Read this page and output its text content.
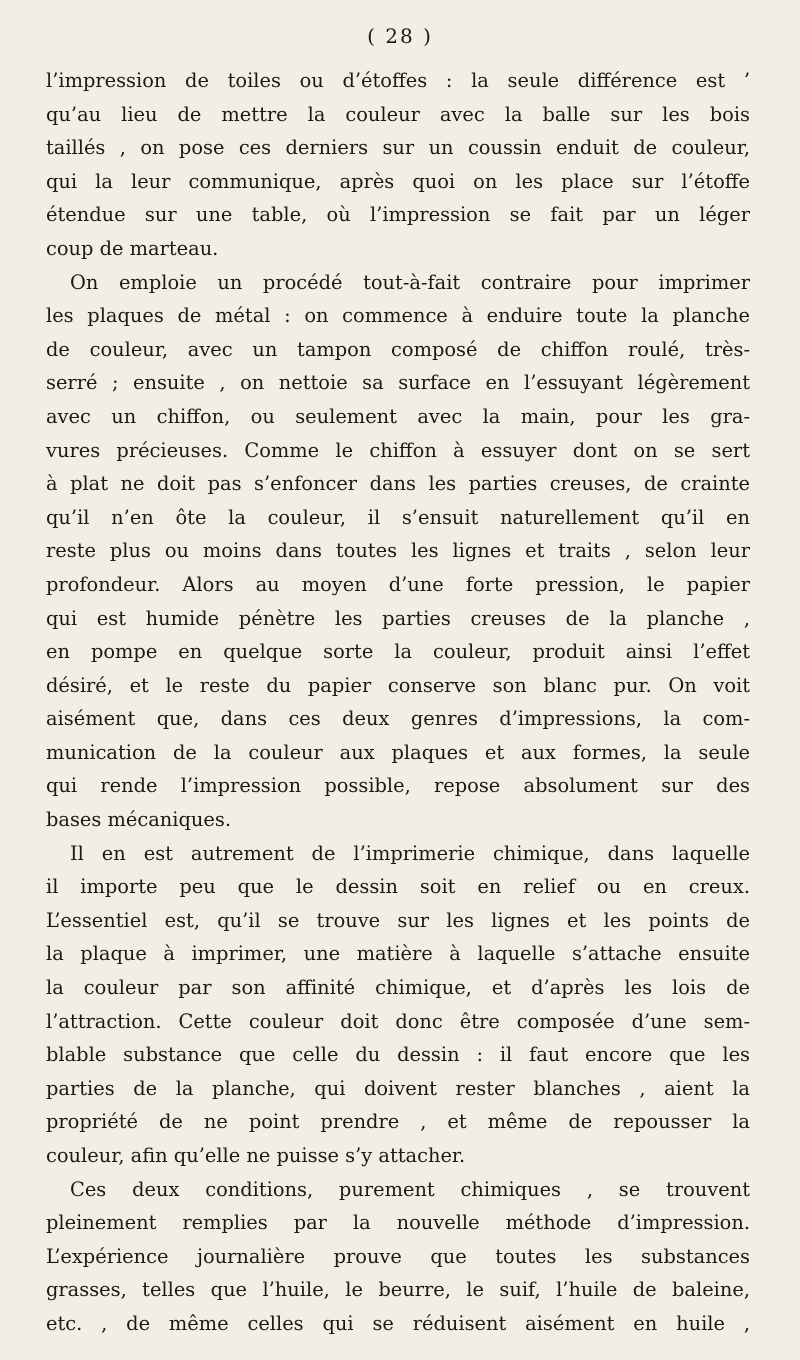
( 28 )
l’impression de toiles ou d’étoffes : la seule différence est ’
qu’au lieu de mettre la couleur avec la balle sur les bois
taillés , on pose ces derniers sur un coussin enduit de couleur,
qui la leur communique, après quoi on les place sur l’étoffe
étendue sur une table, où l’impression se fait par un léger
coup de marteau.
On emploie un procédé tout-à-fait contraire pour imprimer
les plaques de métal : on commence à enduire toute la planche
de couleur, avec un tampon composé de chiffon roulé, très-
serré ; ensuite , on nettoie sa surface en l’essuyant légèrement
avec un chiffon, ou seulement avec la main, pour les gra-
vures précieuses. Comme le chiffon à essuyer dont on se sert
à plat ne doit pas s’enfoncer dans les parties creuses, de crainte
qu’il n’en ôte la couleur, il s’ensuit naturellement qu’il en
reste plus ou moins dans toutes les lignes et traits , selon leur
profondeur. Alors au moyen d’une forte pression, le papier
qui est humide pénètre les parties creuses de la planche ,
en pompe en quelque sorte la couleur, produit ainsi l’effet
désiré, et le reste du papier conserve son blanc pur. On voit
aisément que, dans ces deux genres d’impressions, la com-
munication de la couleur aux plaques et aux formes, la seule
qui rende l’impression possible, repose absolument sur des
bases mécaniques.
Il en est autrement de l’imprimerie chimique, dans laquelle
il importe peu que le dessin soit en relief ou en creux.
L’essentiel est, qu’il se trouve sur les lignes et les points de
la plaque à imprimer, une matière à laquelle s’attache ensuite
la couleur par son affinité chimique, et d’après les lois de
l’attraction. Cette couleur doit donc être composée d’une sem-
blable substance que celle du dessin : il faut encore que les
parties de la planche, qui doivent rester blanches , aient la
propriété de ne point prendre , et même de repousser la
couleur, afin qu’elle ne puisse s’y attacher.
Ces deux conditions, purement chimiques , se trouvent
pleinement remplies par la nouvelle méthode d’impression.
L’expérience journalière prouve que toutes les substances
grasses, telles que l’huile, le beurre, le suif, l’huile de baleine,
etc. , de même celles qui se réduisent aisément en huile ,
